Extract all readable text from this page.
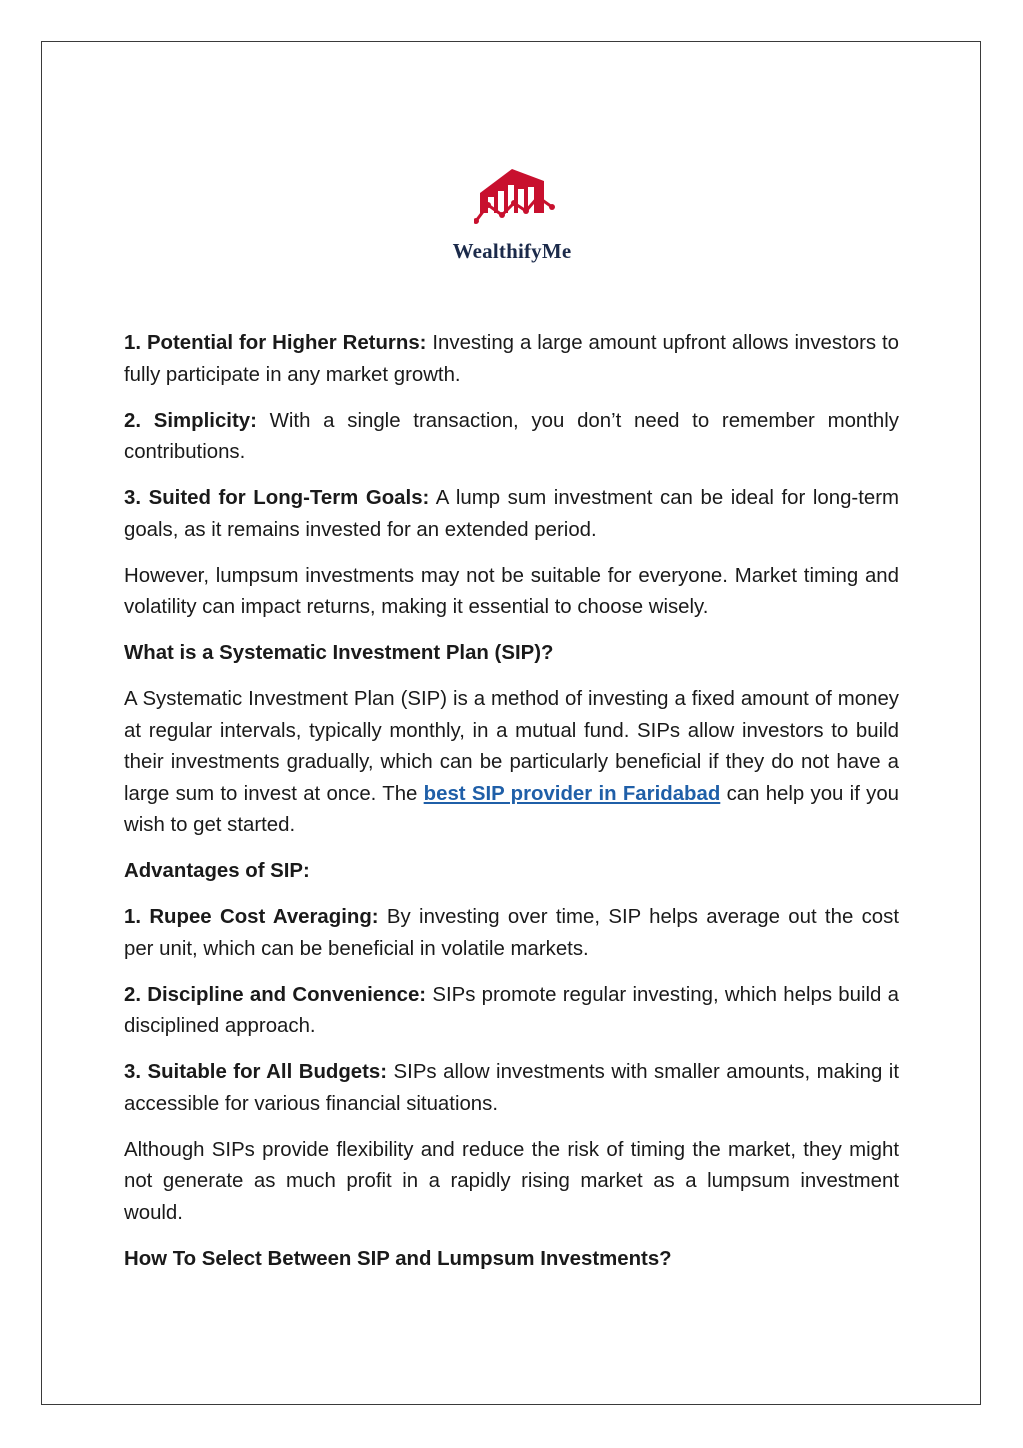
WealthifyMe

1. Potential for Higher Returns: Investing a large amount upfront allows investors to fully participate in any market growth.

2. Simplicity: With a single transaction, you don’t need to remember monthly contributions.

3. Suited for Long-Term Goals: A lump sum investment can be ideal for long-term goals, as it remains invested for an extended period.

However, lumpsum investments may not be suitable for everyone. Market timing and volatility can impact returns, making it essential to choose wisely.

What is a Systematic Investment Plan (SIP)?

A Systematic Investment Plan (SIP) is a method of investing a fixed amount of money at regular intervals, typically monthly, in a mutual fund. SIPs allow investors to build their investments gradually, which can be particularly beneficial if they do not have a large sum to invest at once. The best SIP provider in Faridabad can help you if you wish to get started.

Advantages of SIP:

1. Rupee Cost Averaging: By investing over time, SIP helps average out the cost per unit, which can be beneficial in volatile markets.

2. Discipline and Convenience: SIPs promote regular investing, which helps build a disciplined approach.

3. Suitable for All Budgets: SIPs allow investments with smaller amounts, making it accessible for various financial situations.

Although SIPs provide flexibility and reduce the risk of timing the market, they might not generate as much profit in a rapidly rising market as a lumpsum investment would.

How To Select Between SIP and Lumpsum Investments?
